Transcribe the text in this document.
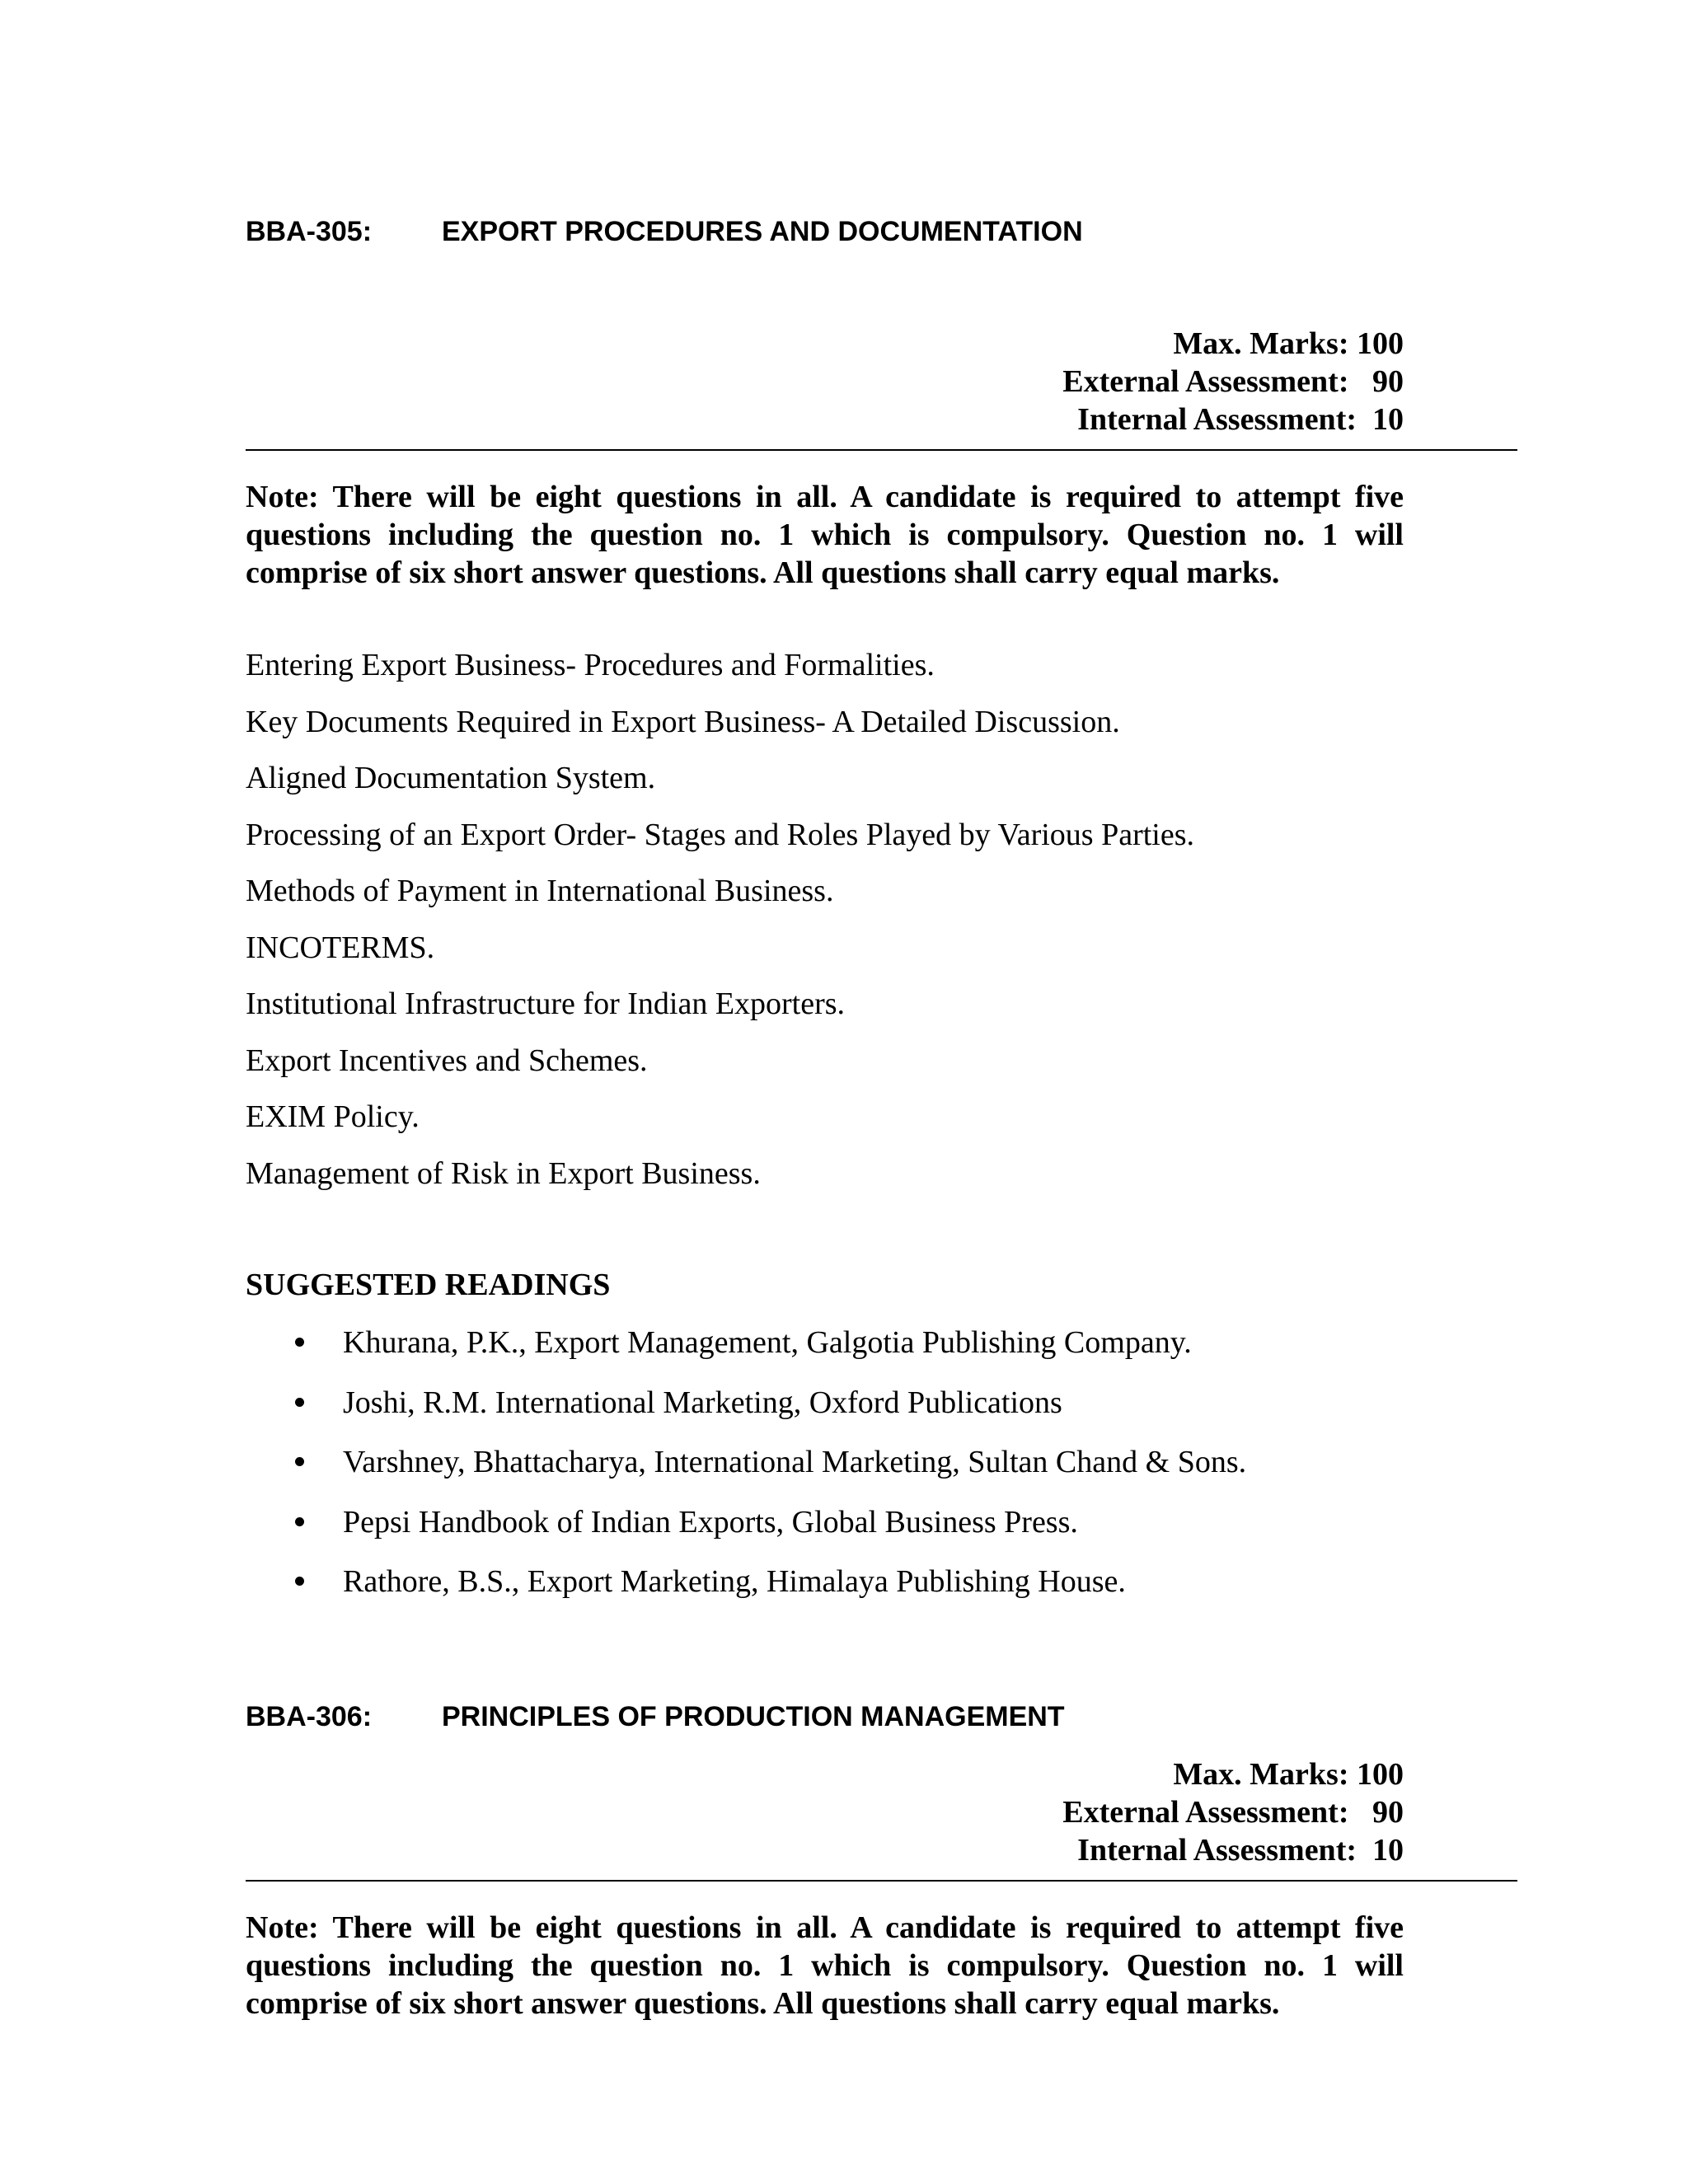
BBA-305: EXPORT PROCEDURES AND DOCUMENTATION
Max. Marks: 100
External Assessment:   90
Internal Assessment:  10
Note: There will be eight questions in all. A candidate is required to attempt five questions including the question no. 1 which is compulsory. Question no. 1 will comprise of six short answer questions. All questions shall carry equal marks.
Entering Export Business- Procedures and Formalities.
Key Documents Required in Export Business- A Detailed Discussion.
Aligned Documentation System.
Processing of an Export Order- Stages and Roles Played by Various Parties.
Methods of Payment in International Business.
INCOTERMS.
Institutional Infrastructure for Indian Exporters.
Export Incentives and Schemes.
EXIM Policy.
Management of Risk in Export Business.
SUGGESTED READINGS
Khurana, P.K., Export Management, Galgotia Publishing Company.
Joshi, R.M. International Marketing, Oxford Publications
Varshney, Bhattacharya, International Marketing, Sultan Chand & Sons.
Pepsi Handbook of Indian Exports, Global Business Press.
Rathore, B.S., Export Marketing, Himalaya Publishing House.
BBA-306: PRINCIPLES OF PRODUCTION MANAGEMENT
Max. Marks: 100
External Assessment:   90
Internal Assessment:  10
Note: There will be eight questions in all. A candidate is required to attempt five questions including the question no. 1 which is compulsory. Question no. 1 will comprise of six short answer questions. All questions shall carry equal marks.
